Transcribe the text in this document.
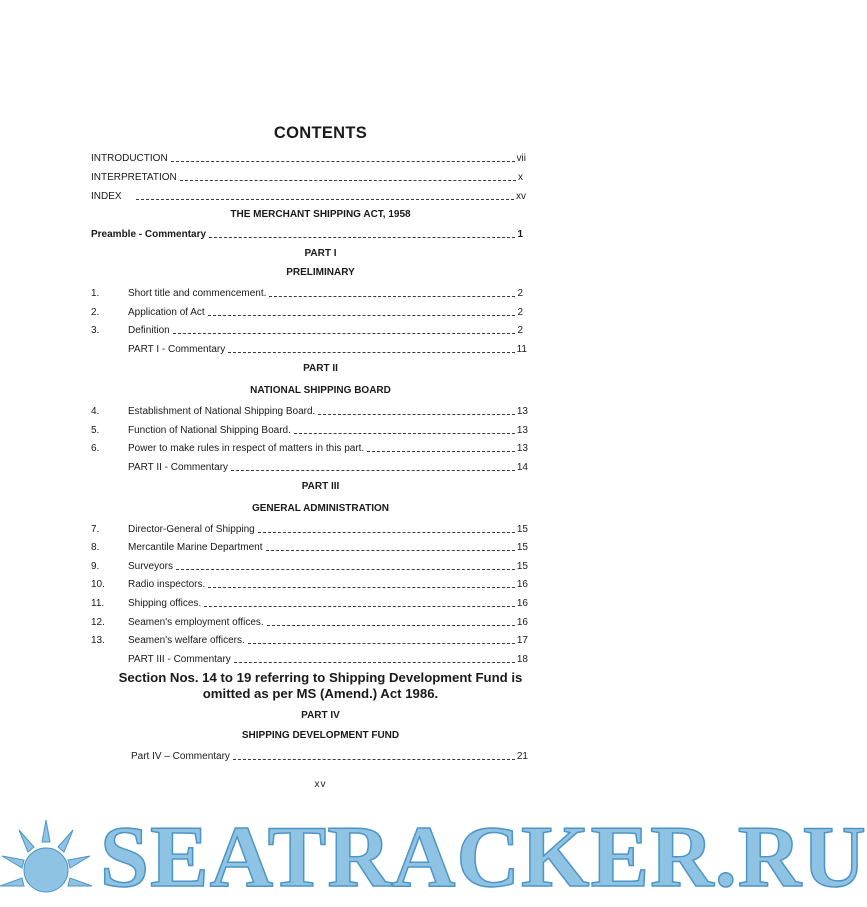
CONTENTS
INTRODUCTION	vii
INTERPRETATION	x
INDEX	xv
THE MERCHANT SHIPPING ACT, 1958
Preamble - Commentary	1
PART I
PRELIMINARY
1.	Short title and commencement.	2
2.	Application of Act	2
3.	Definition	2
PART I - Commentary	11
PART II
NATIONAL SHIPPING BOARD
4.	Establishment of National Shipping Board.	13
5.	Function of National Shipping Board.	13
6.	Power to make rules in respect of matters in this part.	13
PART II - Commentary	14
PART III
GENERAL ADMINISTRATION
7.	Director-General of Shipping	15
8.	Mercantile Marine Department	15
9.	Surveyors	15
10.	Radio inspectors.	16
11.	Shipping offices.	16
12.	Seamen's employment offices.	16
13.	Seamen's welfare officers.	17
PART III - Commentary	18
Section Nos. 14 to 19 referring to Shipping Development Fund is
omitted as per MS (Amend.) Act 1986.
PART IV
SHIPPING DEVELOPMENT FUND
Part IV – Commentary	21
xv
SEATRACKER.RU
